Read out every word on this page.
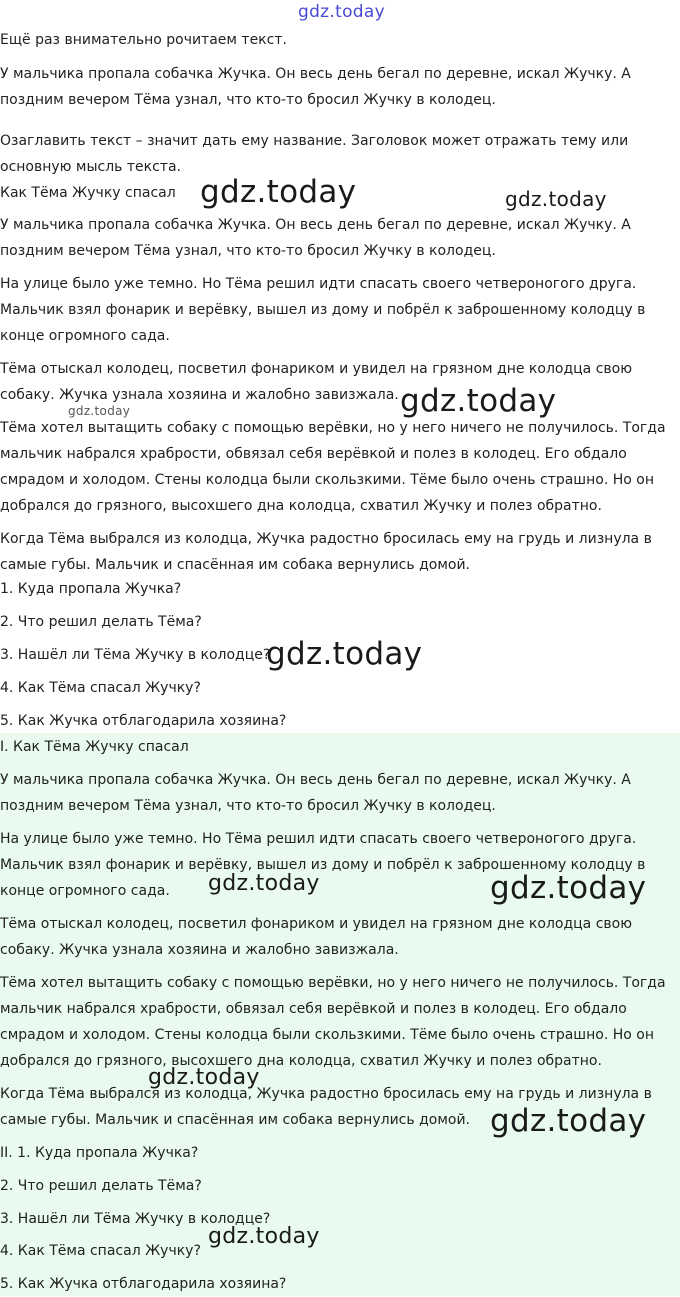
Ещё раз внимательно рочитаем текст.

У мальчика пропала собачка Жучка. Он весь день бегал по деревне, искал Жучку. А

поздним вечером Тёма узнал, что кто-то бросил Жучку в колодец.

Озаглавить текст – значит дать ему название. Заголовок может отражать тему или

основную мысль текста.

Как Тёма Жучку спасал

У мальчика пропала собачка Жучка. Он весь день бегал по деревне, искал Жучку. А

поздним вечером Тёма узнал, что кто-то бросил Жучку в колодец.

На улице было уже темно. Но Тёма решил идти спасать своего четвероногого друга.

Мальчик взял фонарик и верёвку, вышел из дому и побрёл к заброшенному колодцу в

конце огромного сада.

Тёма отыскал колодец, посветил фонариком и увидел на грязном дне колодца свою

собаку. Жучка узнала хозяина и жалобно завизжала.

Тёма хотел вытащить собаку с помощью верёвки, но у него ничего не получилось. Тогда

мальчик набрался храбрости, обвязал себя верёвкой и полез в колодец. Его обдало

смрадом и холодом. Стены колодца были скользкими. Тёме было очень страшно. Но он

добрался до грязного, высохшего дна колодца, схватил Жучку и полез обратно.

Когда Тёма выбрался из колодца, Жучка радостно бросилась ему на грудь и лизнула в

самые губы. Мальчик и спасённая им собака вернулись домой.

1. Куда пропала Жучка?

2. Что решил делать Тёма?

3. Нашёл ли Тёма Жучку в колодце?

4. Как Тёма спасал Жучку?

5. Как Жучка отблагодарила хозяина?

I. Как Тёма Жучку спасал

У мальчика пропала собачка Жучка. Он весь день бегал по деревне, искал Жучку. А

поздним вечером Тёма узнал, что кто-то бросил Жучку в колодец.

На улице было уже темно. Но Тёма решил идти спасать своего четвероногого друга.

Мальчик взял фонарик и верёвку, вышел из дому и побрёл к заброшенному колодцу в

конце огромного сада.

Тёма отыскал колодец, посветил фонариком и увидел на грязном дне колодца свою

собаку. Жучка узнала хозяина и жалобно завизжала.

Тёма хотел вытащить собаку с помощью верёвки, но у него ничего не получилось. Тогда

мальчик набрался храбрости, обвязал себя верёвкой и полез в колодец. Его обдало

смрадом и холодом. Стены колодца были скользкими. Тёме было очень страшно. Но он

добрался до грязного, высохшего дна колодца, схватил Жучку и полез обратно.

Когда Тёма выбрался из колодца, Жучка радостно бросилась ему на грудь и лизнула в

самые губы. Мальчик и спасённая им собака вернулись домой.

II. 1. Куда пропала Жучка?

2. Что решил делать Тёма?

3. Нашёл ли Тёма Жучку в колодце?

4. Как Тёма спасал Жучку?

5. Как Жучка отблагодарила хозяина?

gdz.today
gdz.today	gdz.today
gdz.today
gdz.today
gdz.today
gdz.today	gdz.today
gdz.today
gdz.today
gdz.today
